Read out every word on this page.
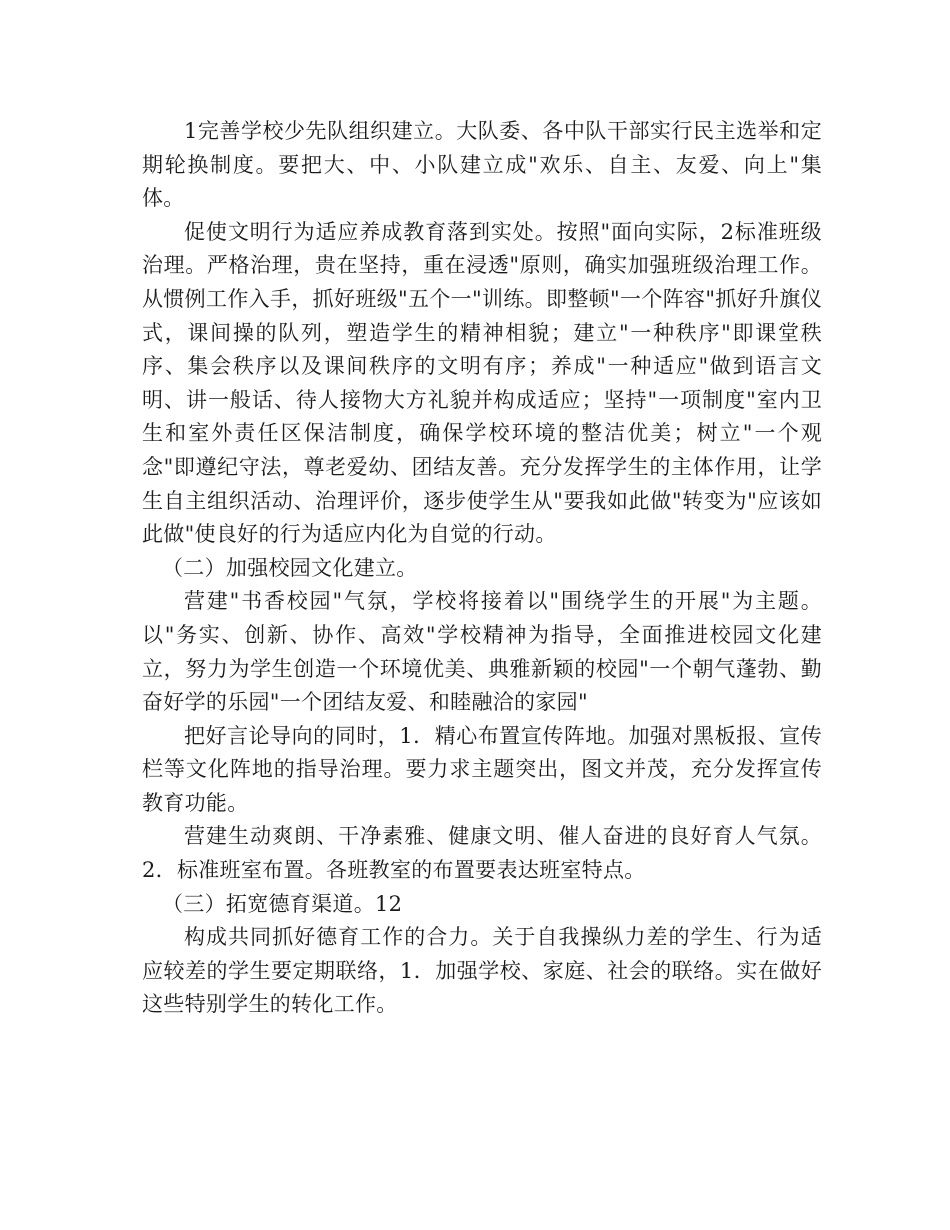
1完善学校少先队组织建立。大队委、各中队干部实行民主选举和定期轮换制度。要把大、中、小队建立成"欢乐、自主、友爱、向上"集体。

促使文明行为适应养成教育落到实处。按照"面向实际，2标准班级治理。严格治理，贵在坚持，重在浸透"原则，确实加强班级治理工作。从惯例工作入手，抓好班级"五个一"训练。即整顿"一个阵容"抓好升旗仪式，课间操的队列，塑造学生的精神相貌；建立"一种秩序"即课堂秩序、集会秩序以及课间秩序的文明有序；养成"一种适应"做到语言文明、讲一般话、待人接物大方礼貌并构成适应；坚持"一项制度"室内卫生和室外责任区保洁制度，确保学校环境的整洁优美；树立"一个观念"即遵纪守法，尊老爱幼、团结友善。充分发挥学生的主体作用，让学生自主组织活动、治理评价，逐步使学生从"要我如此做"转变为"应该如此做"使良好的行为适应内化为自觉的行动。

（二）加强校园文化建立。

营建"书香校园"气氛，学校将接着以"围绕学生的开展"为主题。以"务实、创新、协作、高效"学校精神为指导，全面推进校园文化建立，努力为学生创造一个环境优美、典雅新颖的校园"一个朝气蓬勃、勤奋好学的乐园"一个团结友爱、和睦融洽的家园"

把好言论导向的同时，1．精心布置宣传阵地。加强对黑板报、宣传栏等文化阵地的指导治理。要力求主题突出，图文并茂，充分发挥宣传教育功能。

营建生动爽朗、干净素雅、健康文明、催人奋进的良好育人气氛。2．标准班室布置。各班教室的布置要表达班室特点。

（三）拓宽德育渠道。12

构成共同抓好德育工作的合力。关于自我操纵力差的学生、行为适应较差的学生要定期联络，1．加强学校、家庭、社会的联络。实在做好这些特别学生的转化工作。
